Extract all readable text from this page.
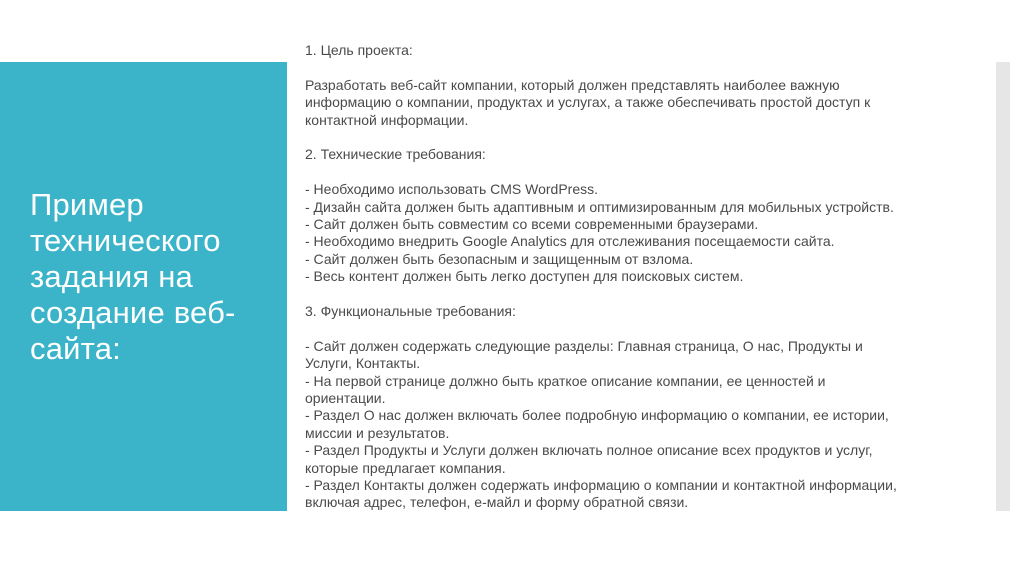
Пример
технического
задания на
создание веб-
сайта:
1. Цель проекта:
Разработать веб-сайт компании, который должен представлять наиболее важную
информацию о компании, продуктах и услугах, а также обеспечивать простой доступ к
контактной информации.
2. Технические требования:
- Необходимо использовать CMS WordPress.
- Дизайн сайта должен быть адаптивным и оптимизированным для мобильных устройств.
- Сайт должен быть совместим со всеми современными браузерами.
- Необходимо внедрить Google Analytics для отслеживания посещаемости сайта.
- Сайт должен быть безопасным и защищенным от взлома.
- Весь контент должен быть легко доступен для поисковых систем.
3. Функциональные требования:
- Сайт должен содержать следующие разделы: Главная страница, О нас, Продукты и
Услуги, Контакты.
- На первой странице должно быть краткое описание компании, ее ценностей и
ориентации.
- Раздел О нас должен включать более подробную информацию о компании, ее истории,
миссии и результатов.
- Раздел Продукты и Услуги должен включать полное описание всех продуктов и услуг,
которые предлагает компания.
- Раздел Контакты должен содержать информацию о компании и контактной информации,
включая адрес, телефон, е-майл и форму обратной связи.
